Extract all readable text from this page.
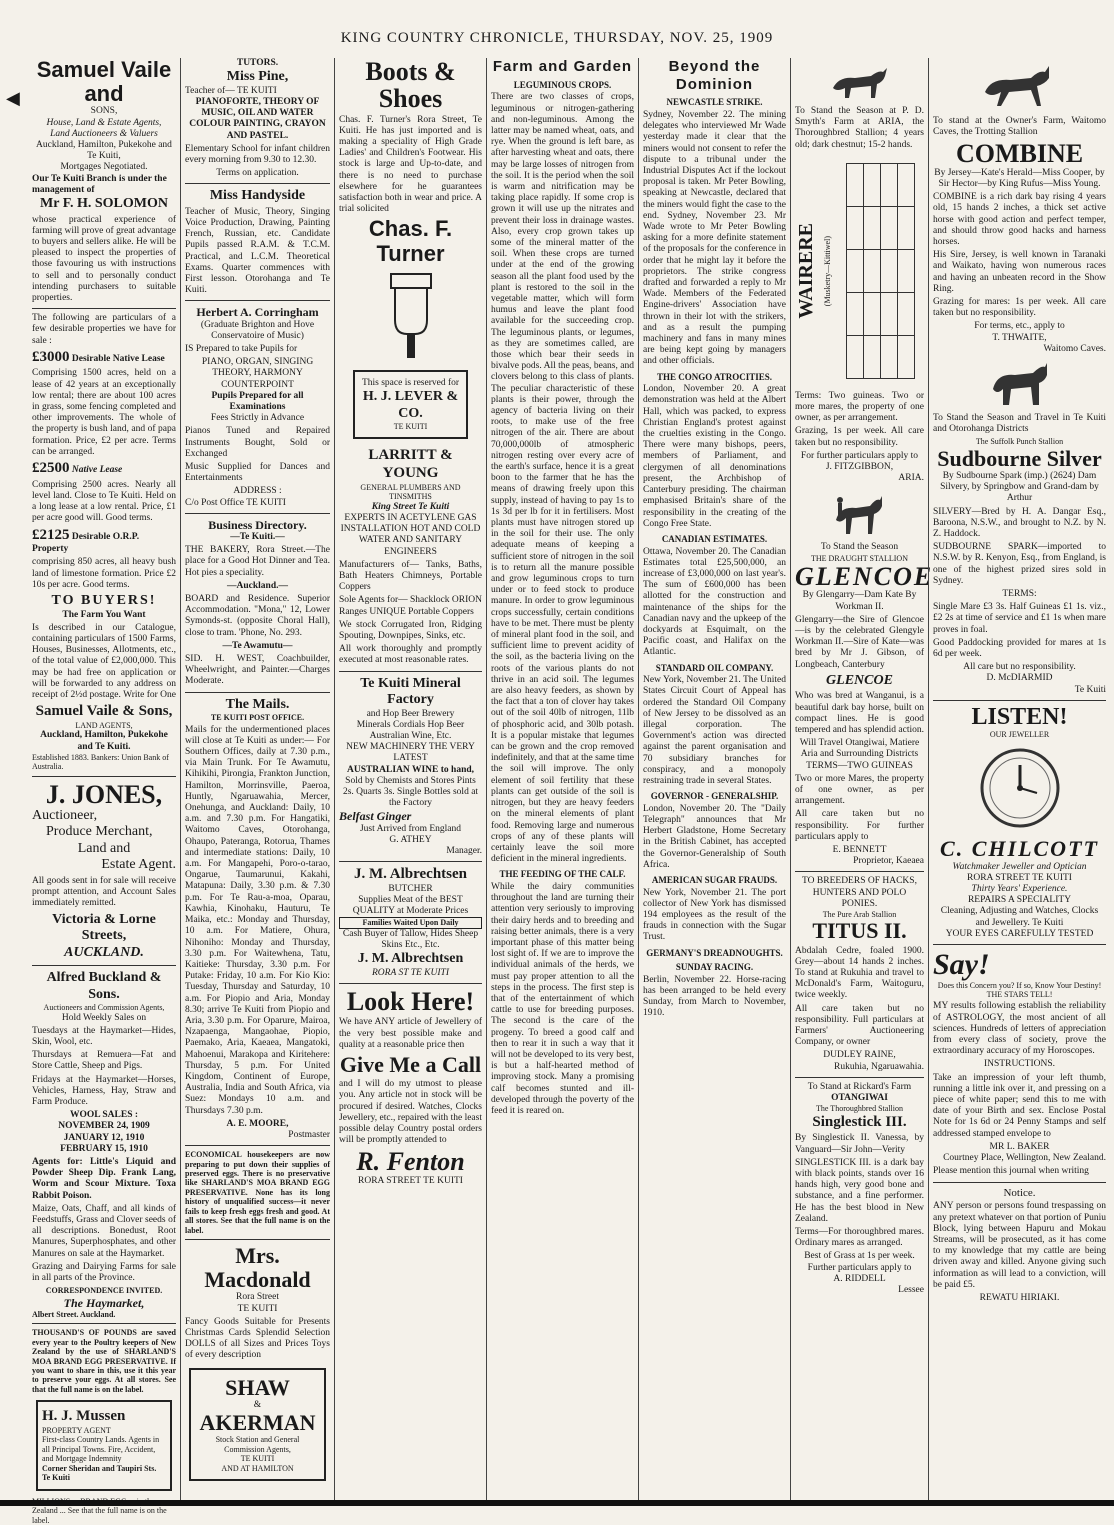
KING COUNTRY CHRONICLE, THURSDAY, NOV. 25, 1909
◀
Samuel Vaile and
SONS,
House, Land & Estate Agents,
Land Auctioneers & Valuers
Auckland, Hamilton, Pukekohe and Te Kuiti,
Mortgages Negotiated.
Our Te Kuiti Branch is under the management of
Mr F. H. SOLOMON
whose practical experience of farming will prove of great advantage to buyers and sellers alike. He will be pleased to inspect the properties of those favouring us with instructions to sell and to personally conduct intending purchasers to suitable properties.
The following are particulars of a few desirable properties we have for sale :
£3000 Desirable Native Lease
Comprising 1500 acres, held on a lease of 42 years at an exceptionally low rental; there are about 100 acres in grass, some fencing completed and other improvements. The whole of the property is bush land, and of papa formation. Price, £2 per acre. Terms can be arranged.
£2500 Native Lease
Comprising 2500 acres. Nearly all level land. Close to Te Kuiti. Held on a long lease at a low rental. Price, £1 per acre good will. Good terms.
£2125 Desirable O.R.P. Property
comprising 850 acres, all heavy bush land of limestone formation. Price £2 10s per acre. Good terms.
TO BUYERS!
The Farm You Want
Is described in our Catalogue, containing particulars of 1500 Farms, Houses, Businesses, Allotments, etc., of the total value of £2,000,000. This may be had free on application or will be forwarded to any address on receipt of 2½d postage. Write for One
Samuel Vaile & Sons,
LAND AGENTS,
Auckland, Hamilton, Pukekohe and Te Kuiti.
Established 1883. Bankers: Union Bank of Australia.
J. JONES,
Auctioneer,
Produce Merchant,
Land and
Estate Agent.
All goods sent in for sale will receive prompt attention, and Account Sales immediately remitted.
Victoria & Lorne Streets,
AUCKLAND.
Alfred Buckland & Sons.
Auctioneers and Commission Agents,
Hold Weekly Sales on
Tuesdays at the Haymarket—Hides, Skin, Wool, etc.
Thursdays at Remuera—Fat and Store Cattle, Sheep and Pigs.
Fridays at the Haymarket—Horses, Vehicles, Harness, Hay, Straw and Farm Produce.
WOOL SALES :
NOVEMBER 24, 1909
JANUARY 12, 1910
FEBRUARY 15, 1910
Agents for: Little's Liquid and Powder Sheep Dip. Frank Lang, Worm and Scour Mixture. Toxa Rabbit Poison.
Maize, Oats, Chaff, and all kinds of Feedstuffs, Grass and Clover seeds of all descriptions. Bonedust, Root Manures, Superphosphates, and other Manures on sale at the Haymarket.
Grazing and Dairying Farms for sale in all parts of the Province.
CORRESPONDENCE INVITED.
The Haymarket,
Albert Street. Auckland.
THOUSAND'S OF POUNDS are saved every year to the Poultry keepers of New Zealand by the use of SHARLAND'S MOA BRAND EGG PRESERVATIVE. If you want to share in this, use it this year to preserve your eggs. At all stores. See that the full name is on the label.
H. J. Mussen
PROPERTY AGENT
First-class Country Lands. Agents in all Principal Towns. Fire, Accident, and Mortgage Indemnity
Corner Sheridan and Taupiri Sts. Te Kuiti
Zealand ... See that the full name is on the label.
TUTORS.
Miss Pine,
Teacher of— TE KUITI
PIANOFORTE, THEORY OF MUSIC, OIL AND WATER COLOUR PAINTING, CRAYON AND PASTEL.
Elementary School for infant children every morning from 9.30 to 12.30.
Terms on application.
Miss Handyside
Teacher of Music, Theory, Singing Voice Production, Drawing, Painting French, Russian, etc. Candidate Pupils passed R.A.M. & T.C.M. Practical, and L.C.M. Theoretical Exams. Quarter commences with First lesson. Otorohanga and Te Kuiti.
Herbert A. Corringham
(Graduate Brighton and Hove Conservatoire of Music)
IS Prepared to take Pupils for
PIANO, ORGAN, SINGING THEORY, HARMONY COUNTERPOINT
Pupils Prepared for all Examinations
Fees Strictly in Advance
Pianos Tuned and Repaired Instruments Bought, Sold or Exchanged
Music Supplied for Dances and Entertainments
ADDRESS :
C/o Post Office TE KUITI
Business Directory.
—Te Kuiti.—
THE BAKERY, Rora Street.—The place for a Good Hot Dinner and Tea. Hot pies a speciality.
—Auckland.—
BOARD and Residence. Superior Accommodation. "Mona," 12, Lower Symonds-st. (opposite Choral Hall), close to tram. 'Phone, No. 293.
—Te Awamutu—
SID. H. WEST, Coachbuilder, Wheelwright, and Painter.—Charges Moderate.
The Mails.
TE KUITI POST OFFICE.
Mails for the undermentioned places will close at Te Kuiti as under:— For Southern Offices, daily at 7.30 p.m., via Main Trunk. For Te Awamutu, Kihikihi, Pirongia, Frankton Junction, Hamilton, Morrinsville, Paeroa, Huntly, Ngaruawahia, Mercer, Onehunga, and Auckland: Daily, 10 a.m. and 7.30 p.m. For Hangatiki, Waitomo Caves, Otorohanga, Ohaupo, Pateranga, Rotorua, Thames and intermediate stations: Daily, 10 a.m. For Mangapehi, Poro-o-tarao, Ongarue, Taumarunui, Kakahi, Matapuna: Daily, 3.30 p.m. & 7.30 p.m. For Te Rau-a-moa, Oparau, Kawhia, Kinohaku, Hauturu, Te Maika, etc.: Monday and Thursday, 10 a.m. For Matiere, Ohura, Nihoniho: Monday and Thursday, 3.30 p.m. For Waitewhena, Tatu, Kaitieke: Thursday, 3.30 p.m. For Putake: Friday, 10 a.m. For Kio Kio: Tuesday, Thursday and Saturday, 10 a.m. For Piopio and Aria, Monday 8.30; arrive Te Kuiti from Piopio and Aria, 3.30 p.m. For Oparure, Mairoa, Nzapaenga, Mangaohae, Piopio, Paemako, Aria, Kaeaea, Mangatoki, Mahoenui, Marakopa and Kiritehere: Thursday, 5 p.m. For United Kingdom, Continent of Europe, Australia, India and South Africa, via Suez: Mondays 10 a.m. and Thursdays 7.30 p.m.
A. E. MOORE,
Postmaster
ECONOMICAL housekeepers are now preparing to put down their supplies of preserved eggs. There is no preservative like SHARLAND'S MOA BRAND EGG PRESERVATIVE. None has its long history of unqualified success—it never fails to keep fresh eggs fresh and good. At all stores. See that the full name is on the label.
Mrs. Macdonald
Rora Street
TE KUITI
Fancy Goods Suitable for Presents Christmas Cards Splendid Selection DOLLS of all Sizes and Prices Toys of every description
SHAW
&
AKERMAN
Stock Station and General Commission Agents,
TE KUITI
AND AT HAMILTON
Boots & Shoes
Chas. F. Turner's Rora Street, Te Kuiti. He has just imported and is making a speciality of High Grade Ladies' and Children's Footwear. His stock is large and Up-to-date, and there is no need to purchase elsewhere for he guarantees satisfaction both in wear and price. A trial solicited
Chas. F. Turner
This space is reserved for
H. J. LEVER & CO.
TE KUITI
LARRITT & YOUNG
GENERAL PLUMBERS AND TINSMITHS
King Street Te Kuiti
EXPERTS IN ACETYLENE GAS INSTALLATION HOT AND COLD WATER AND SANITARY ENGINEERS
Manufacturers of— Tanks, Baths, Bath Heaters Chimneys, Portable Coppers
Sole Agents for— Shacklock ORION Ranges UNIQUE Portable Coppers
We stock Corrugated Iron, Ridging Spouting, Downpipes, Sinks, etc.
All work thoroughly and promptly executed at most reasonable rates.
Te Kuiti Mineral Factory
and Hop Beer Brewery
Minerals Cordials Hop Beer Australian Wine, Etc.
NEW MACHINERY THE VERY LATEST
AUSTRALIAN WINE to hand,
Sold by Chemists and Stores Pints 2s. Quarts 3s. Single Bottles sold at the Factory
Belfast Ginger
Just Arrived from England
G. ATHEY
Manager.
J. M. Albrechtsen
BUTCHER
Supplies Meat of the BEST QUALITY at Moderate Prices
Families Waited Upon Daily
Cash Buyer of Tallow, Hides Sheep Skins Etc., Etc.
J. M. Albrechtsen
RORA ST TE KUITI
Look Here!
We have ANY article of Jewellery of the very best possible make and quality at a reasonable price then
Give Me a Call
and I will do my utmost to please you. Any article not in stock will be procured if desired. Watches, Clocks Jewellery, etc., repaired with the least possible delay Country postal orders will be promptly attended to
R. Fenton
RORA STREET TE KUITI
Farm and Garden
LEGUMINOUS CROPS.
There are two classes of crops, leguminous or nitrogen-gathering and non-leguminous. Among the latter may be named wheat, oats, and rye. When the ground is left bare, as after harvesting wheat and oats, there may be large losses of nitrogen from the soil. It is the period when the soil is warm and nitrification may be taking place rapidly. If some crop is grown it will use up the nitrates and prevent their loss in drainage wastes. Also, every crop grown takes up some of the mineral matter of the soil. When these crops are turned under at the end of the growing season all the plant food used by the plant is restored to the soil in the vegetable matter, which will form humus and leave the plant food available for the succeeding crop. The leguminous plants, or legumes, as they are sometimes called, are those which bear their seeds in bivalve pods. All the peas, beans, and clovers belong to this class of plants. The peculiar characteristic of these plants is their power, through the agency of bacteria living on their roots, to make use of the free nitrogen of the air. There are about 70,000,000lb of atmospheric nitrogen resting over every acre of the earth's surface, hence it is a great boon to the farmer that he has the means of drawing freely upon this supply, instead of having to pay 1s to 1s 3d per lb for it in fertilisers. Most plants must have nitrogen stored up in the soil for their use. The only adequate means of keeping a sufficient store of nitrogen in the soil is to return all the manure possible and grow leguminous crops to turn under or to feed stock to produce manure. In order to grow leguminous crops successfully, certain conditions have to be met. There must be plenty of mineral plant food in the soil, and sufficient lime to prevent acidity of the soil, as the bacteria living on the roots of the various plants do not thrive in an acid soil. The legumes are also heavy feeders, as shown by the fact that a ton of clover hay takes out of the soil 40lb of nitrogen, 11lb of phosphoric acid, and 30lb potash. It is a popular mistake that legumes can be grown and the crop removed indefinitely, and that at the same time the soil will improve. The only element of soil fertility that these plants can get outside of the soil is nitrogen, but they are heavy feeders on the mineral elements of plant food. Removing large and numerous crops of any of these plants will certainly leave the soil more deficient in the mineral ingredients.
THE FEEDING OF THE CALF.
While the dairy communities throughout the land are turning their attention very seriously to improving their dairy herds and to breeding and raising better animals, there is a very important phase of this matter being lost sight of. If we are to improve the individual animals of the herds, we must pay proper attention to all the steps in the process. The first step is that of the entertainment of which cattle to use for breeding purposes. The second is the care of the progeny. To breed a good calf and then to rear it in such a way that it will not be developed to its very best, is but a half-hearted method of improving stock. Many a promising calf becomes stunted and ill-developed through the poverty of the feed it is reared on.
Beyond the Dominion
NEWCASTLE STRIKE.
Sydney, November 22. The mining delegates who interviewed Mr Wade yesterday made it clear that the miners would not consent to refer the dispute to a tribunal under the Industrial Disputes Act if the lockout proposal is taken. Mr Peter Bowling, speaking at Newcastle, declared that the miners would fight the case to the end. Sydney, November 23. Mr Wade wrote to Mr Peter Bowling asking for a more definite statement of the proposals for the conference in order that he might lay it before the proprietors. The strike congress drafted and forwarded a reply to Mr Wade. Members of the Federated Engine-drivers' Association have thrown in their lot with the strikers, and as a result the pumping machinery and fans in many mines are being kept going by managers and other officials.
THE CONGO ATROCITIES.
London, November 20. A great demonstration was held at the Albert Hall, which was packed, to express Christian England's protest against the cruelties existing in the Congo. There were many bishops, peers, members of Parliament, and clergymen of all denominations present, the Archbishop of Canterbury presiding. The chairman emphasised Britain's share of the responsibility in the creating of the Congo Free State.
CANADIAN ESTIMATES.
Ottawa, November 20. The Canadian Estimates total £25,500,000, an increase of £3,000,000 on last year's. The sum of £600,000 has been allotted for the construction and maintenance of the ships for the Canadian navy and the upkeep of the dockyards at Esquimalt, on the Pacific coast, and Halifax on the Atlantic.
STANDARD OIL COMPANY.
New York, November 21. The United States Circuit Court of Appeal has ordered the Standard Oil Company of New Jersey to be dissolved as an illegal corporation. The Government's action was directed against the parent organisation and 70 subsidiary branches for conspiracy, and a monopoly restraining trade in several States.
GOVERNOR - GENERALSHIP.
London, November 20. The "Daily Telegraph" announces that Mr Herbert Gladstone, Home Secretary in the British Cabinet, has accepted the Governor-Generalship of South Africa.
AMERICAN SUGAR FRAUDS.
New York, November 21. The port collector of New York has dismissed 194 employees as the result of the frauds in connection with the Sugar Trust.
GERMANY'S DREADNOUGHTS.
SUNDAY RACING.
Berlin, November 22. Horse-racing has been arranged to be held every Sunday, from March to November, 1910.
To Stand the Season at P. D. Smyth's Farm at ARIA, the Thoroughbred Stallion; 4 years old; dark chestnut; 15-2 hands.
WAIRERE (Musketry—Kittiwel)

Terms: Two guineas. Two or more mares, the property of one owner, as per arrangement.
Grazing, 1s per week. All care taken but no responsibility.
For further particulars apply to
J. FITZGIBBON,
ARIA.
To Stand the Season
THE DRAUGHT STALLION
GLENCOE
By Glengarry—Dam Kate By Workman II.
Glengarry—the Sire of Glencoe—is by the celebrated Glengyle Workman II.—Sire of Kate—was bred by Mr J. Gibson, of Longbeach, Canterbury
GLENCOE
Who was bred at Wanganui, is a beautiful dark bay horse, built on compact lines. He is good tempered and has splendid action.
Will Travel Otangiwai, Matiere Aria and Surrounding Districts
TERMS—TWO GUINEAS
Two or more Mares, the property of one owner, as per arrangement.
All care taken but no responsibility. For further particulars apply to
E. BENNETT
Proprietor, Kaeaea
TO BREEDERS OF HACKS, HUNTERS AND POLO PONIES.
The Pure Arab Stallion
TITUS II.
Abdalah Cedre, foaled 1900. Grey—about 14 hands 2 inches. To stand at Rukuhia and travel to McDonald's Farm, Waitoguru, twice weekly.
All care taken but no responsibility. Full particulars at Farmers' Auctioneering Company, or owner
DUDLEY RAINE,
Rukuhia, Ngaruawahia.
To Stand at Rickard's Farm
OTANGIWAI
The Thoroughbred Stallion
Singlestick III.
By Singlestick II. Vanessa, by Vanguard—Sir John—Verity
SINGLESTICK III. is a dark bay with black points, stands over 16 hands high, very good bone and substance, and a fine performer. He has the best blood in New Zealand.
Terms—For thoroughbred mares. Ordinary mares as arranged.
Best of Grass at 1s per week.
Further particulars apply to
A. RIDDELL
Lessee
To stand at the Owner's Farm, Waitomo Caves, the Trotting Stallion
COMBINE
By Jersey—Kate's Herald—Miss Cooper, by Sir Hector—by King Rufus—Miss Young.
COMBINE is a rich dark bay rising 4 years old, 15 hands 2 inches, a thick set active horse with good action and perfect temper, and should throw good hacks and harness horses.
His Sire, Jersey, is well known in Taranaki and Waikato, having won numerous races and having an unbeaten record in the Show Ring.
Grazing for mares: 1s per week. All care taken but no responsibility.
For terms, etc., apply to
T. THWAITE,
Waitomo Caves.
To Stand the Season and Travel in Te Kuiti and Otorohanga Districts
The Suffolk Punch Stallion
Sudbourne Silver
By Sudbourne Spark (imp.) (2624) Dam Silvery, by Springbow and Grand-dam by Arthur
SILVERY—Bred by H. A. Dangar Esq., Baroona, N.S.W., and brought to N.Z. by N. Z. Haddock.
SUDBOURNE SPARK—imported to N.S.W. by R. Kenyon, Esq., from England, is one of the highest prized sires sold in Sydney.
TERMS:
Single Mare £3 3s. Half Guineas £1 1s. viz., £2 2s at time of service and £1 1s when mare proves in foal.
Good Paddocking provided for mares at 1s 6d per week.
All care but no responsibility.
D. McDIARMID
Te Kuiti
LISTEN!
OUR JEWELLER
C. CHILCOTT
Watchmaker Jeweller and Optician
RORA STREET TE KUITI
Thirty Years' Experience.
REPAIRS A SPECIALITY
Cleaning, Adjusting and Watches, Clocks and Jewellery. Te Kuiti
YOUR EYES CAREFULLY TESTED
Say!
Does this Concern you? If so, Know Your Destiny! THE STARS TELL!
MY results following establish the reliability of ASTROLOGY, the most ancient of all sciences. Hundreds of letters of appreciation from every class of society, prove the extraordinary accuracy of my Horoscopes.
INSTRUCTIONS.
Take an impression of your left thumb, running a little ink over it, and pressing on a piece of white paper; send this to me with date of your Birth and sex. Enclose Postal Note for 1s 6d or 24 Penny Stamps and self addressed stamped envelope to
MR L. BAKER
Courtney Place, Wellington, New Zealand.
Please mention this journal when writing
Notice.
ANY person or persons found trespassing on any pretext whatever on that portion of Puniu Block, lying between Hapuru and Mokau Streams, will be prosecuted, as it has come to my knowledge that my cattle are being driven away and killed. Anyone giving such information as will lead to a conviction, will be paid £5.
REWATU HIRIAKI.
